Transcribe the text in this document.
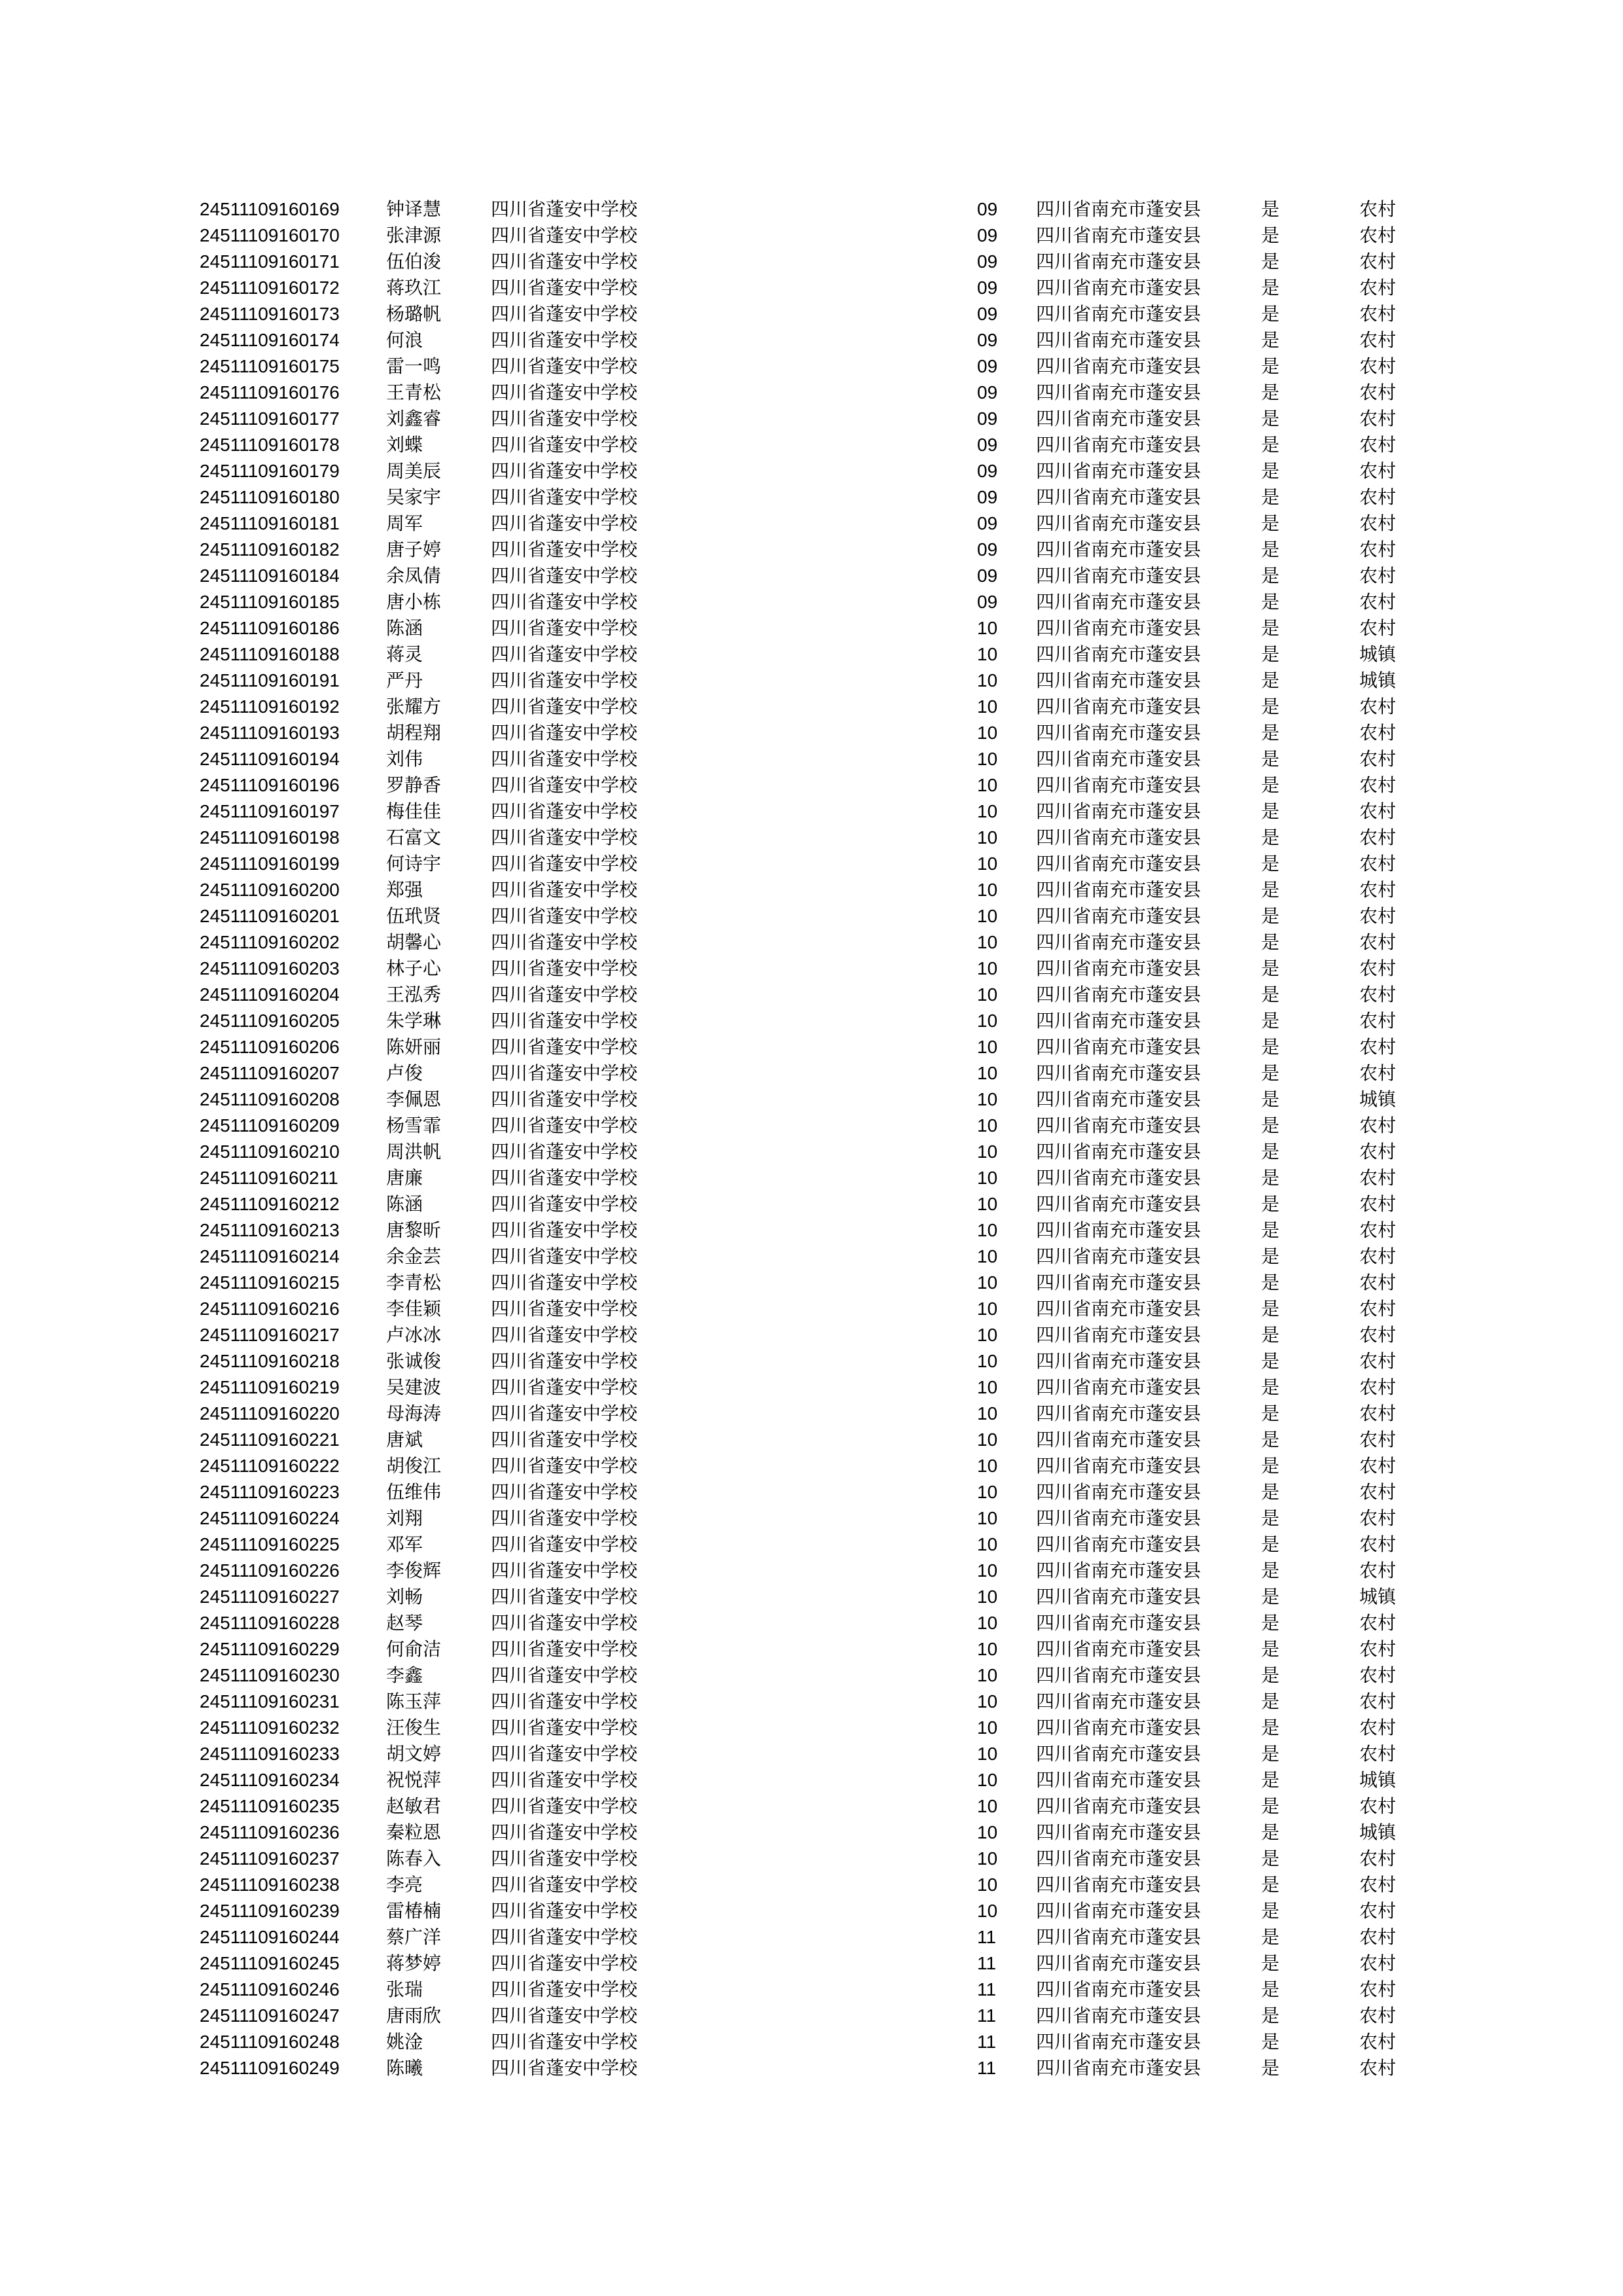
24511109160169	钟译慧	四川省蓬安中学校	09 四川省南充市蓬安县	是	农村
24511109160170	张津源	四川省蓬安中学校	09 四川省南充市蓬安县	是	农村
24511109160171	伍伯浚	四川省蓬安中学校	09 四川省南充市蓬安县	是	农村
24511109160172	蒋玖江	四川省蓬安中学校	09 四川省南充市蓬安县	是	农村
24511109160173	杨璐帆	四川省蓬安中学校	09 四川省南充市蓬安县	是	农村
24511109160174	何浪	四川省蓬安中学校	09 四川省南充市蓬安县	是	农村
24511109160175	雷一鸣	四川省蓬安中学校	09 四川省南充市蓬安县	是	农村
24511109160176	王青松	四川省蓬安中学校	09 四川省南充市蓬安县	是	农村
24511109160177	刘鑫睿	四川省蓬安中学校	09 四川省南充市蓬安县	是	农村
24511109160178	刘蝶	四川省蓬安中学校	09 四川省南充市蓬安县	是	农村
24511109160179	周美辰	四川省蓬安中学校	09 四川省南充市蓬安县	是	农村
24511109160180	吴家宇	四川省蓬安中学校	09 四川省南充市蓬安县	是	农村
24511109160181	周军	四川省蓬安中学校	09 四川省南充市蓬安县	是	农村
24511109160182	唐子婷	四川省蓬安中学校	09 四川省南充市蓬安县	是	农村
24511109160184	余凤倩	四川省蓬安中学校	09 四川省南充市蓬安县	是	农村
24511109160185	唐小栋	四川省蓬安中学校	09 四川省南充市蓬安县	是	农村
24511109160186	陈涵	四川省蓬安中学校	10 四川省南充市蓬安县	是	农村
24511109160188	蒋灵	四川省蓬安中学校	10 四川省南充市蓬安县	是	城镇
24511109160191	严丹	四川省蓬安中学校	10 四川省南充市蓬安县	是	城镇
24511109160192	张耀方	四川省蓬安中学校	10 四川省南充市蓬安县	是	农村
24511109160193	胡程翔	四川省蓬安中学校	10 四川省南充市蓬安县	是	农村
24511109160194	刘伟	四川省蓬安中学校	10 四川省南充市蓬安县	是	农村
24511109160196	罗静香	四川省蓬安中学校	10 四川省南充市蓬安县	是	农村
24511109160197	梅佳佳	四川省蓬安中学校	10 四川省南充市蓬安县	是	农村
24511109160198	石富文	四川省蓬安中学校	10 四川省南充市蓬安县	是	农村
24511109160199	何诗宇	四川省蓬安中学校	10 四川省南充市蓬安县	是	农村
24511109160200	郑强	四川省蓬安中学校	10 四川省南充市蓬安县	是	农村
24511109160201	伍玳贤	四川省蓬安中学校	10 四川省南充市蓬安县	是	农村
24511109160202	胡馨心	四川省蓬安中学校	10 四川省南充市蓬安县	是	农村
24511109160203	林子心	四川省蓬安中学校	10 四川省南充市蓬安县	是	农村
24511109160204	王泓秀	四川省蓬安中学校	10 四川省南充市蓬安县	是	农村
24511109160205	朱学琳	四川省蓬安中学校	10 四川省南充市蓬安县	是	农村
24511109160206	陈妍丽	四川省蓬安中学校	10 四川省南充市蓬安县	是	农村
24511109160207	卢俊	四川省蓬安中学校	10 四川省南充市蓬安县	是	农村
24511109160208	李佩恩	四川省蓬安中学校	10 四川省南充市蓬安县	是	城镇
24511109160209	杨雪霏	四川省蓬安中学校	10 四川省南充市蓬安县	是	农村
24511109160210	周洪帆	四川省蓬安中学校	10 四川省南充市蓬安县	是	农村
24511109160211	唐廉	四川省蓬安中学校	10 四川省南充市蓬安县	是	农村
24511109160212	陈涵	四川省蓬安中学校	10 四川省南充市蓬安县	是	农村
24511109160213	唐黎昕	四川省蓬安中学校	10 四川省南充市蓬安县	是	农村
24511109160214	余金芸	四川省蓬安中学校	10 四川省南充市蓬安县	是	农村
24511109160215	李青松	四川省蓬安中学校	10 四川省南充市蓬安县	是	农村
24511109160216	李佳颖	四川省蓬安中学校	10 四川省南充市蓬安县	是	农村
24511109160217	卢冰冰	四川省蓬安中学校	10 四川省南充市蓬安县	是	农村
24511109160218	张诚俊	四川省蓬安中学校	10 四川省南充市蓬安县	是	农村
24511109160219	吴建波	四川省蓬安中学校	10 四川省南充市蓬安县	是	农村
24511109160220	母海涛	四川省蓬安中学校	10 四川省南充市蓬安县	是	农村
24511109160221	唐斌	四川省蓬安中学校	10 四川省南充市蓬安县	是	农村
24511109160222	胡俊江	四川省蓬安中学校	10 四川省南充市蓬安县	是	农村
24511109160223	伍维伟	四川省蓬安中学校	10 四川省南充市蓬安县	是	农村
24511109160224	刘翔	四川省蓬安中学校	10 四川省南充市蓬安县	是	农村
24511109160225	邓军	四川省蓬安中学校	10 四川省南充市蓬安县	是	农村
24511109160226	李俊辉	四川省蓬安中学校	10 四川省南充市蓬安县	是	农村
24511109160227	刘畅	四川省蓬安中学校	10 四川省南充市蓬安县	是	城镇
24511109160228	赵琴	四川省蓬安中学校	10 四川省南充市蓬安县	是	农村
24511109160229	何俞洁	四川省蓬安中学校	10 四川省南充市蓬安县	是	农村
24511109160230	李鑫	四川省蓬安中学校	10 四川省南充市蓬安县	是	农村
24511109160231	陈玉萍	四川省蓬安中学校	10 四川省南充市蓬安县	是	农村
24511109160232	汪俊生	四川省蓬安中学校	10 四川省南充市蓬安县	是	农村
24511109160233	胡文婷	四川省蓬安中学校	10 四川省南充市蓬安县	是	农村
24511109160234	祝悦萍	四川省蓬安中学校	10 四川省南充市蓬安县	是	城镇
24511109160235	赵敏君	四川省蓬安中学校	10 四川省南充市蓬安县	是	农村
24511109160236	秦粒恩	四川省蓬安中学校	10 四川省南充市蓬安县	是	城镇
24511109160237	陈春入	四川省蓬安中学校	10 四川省南充市蓬安县	是	农村
24511109160238	李亮	四川省蓬安中学校	10 四川省南充市蓬安县	是	农村
24511109160239	雷椿楠	四川省蓬安中学校	10 四川省南充市蓬安县	是	农村
24511109160244	蔡广洋	四川省蓬安中学校	11 四川省南充市蓬安县	是	农村
24511109160245	蒋梦婷	四川省蓬安中学校	11 四川省南充市蓬安县	是	农村
24511109160246	张瑞	四川省蓬安中学校	11 四川省南充市蓬安县	是	农村
24511109160247	唐雨欣	四川省蓬安中学校	11 四川省南充市蓬安县	是	农村
24511109160248	姚淦	四川省蓬安中学校	11 四川省南充市蓬安县	是	农村
24511109160249	陈曦	四川省蓬安中学校	11 四川省南充市蓬安县	是	农村
